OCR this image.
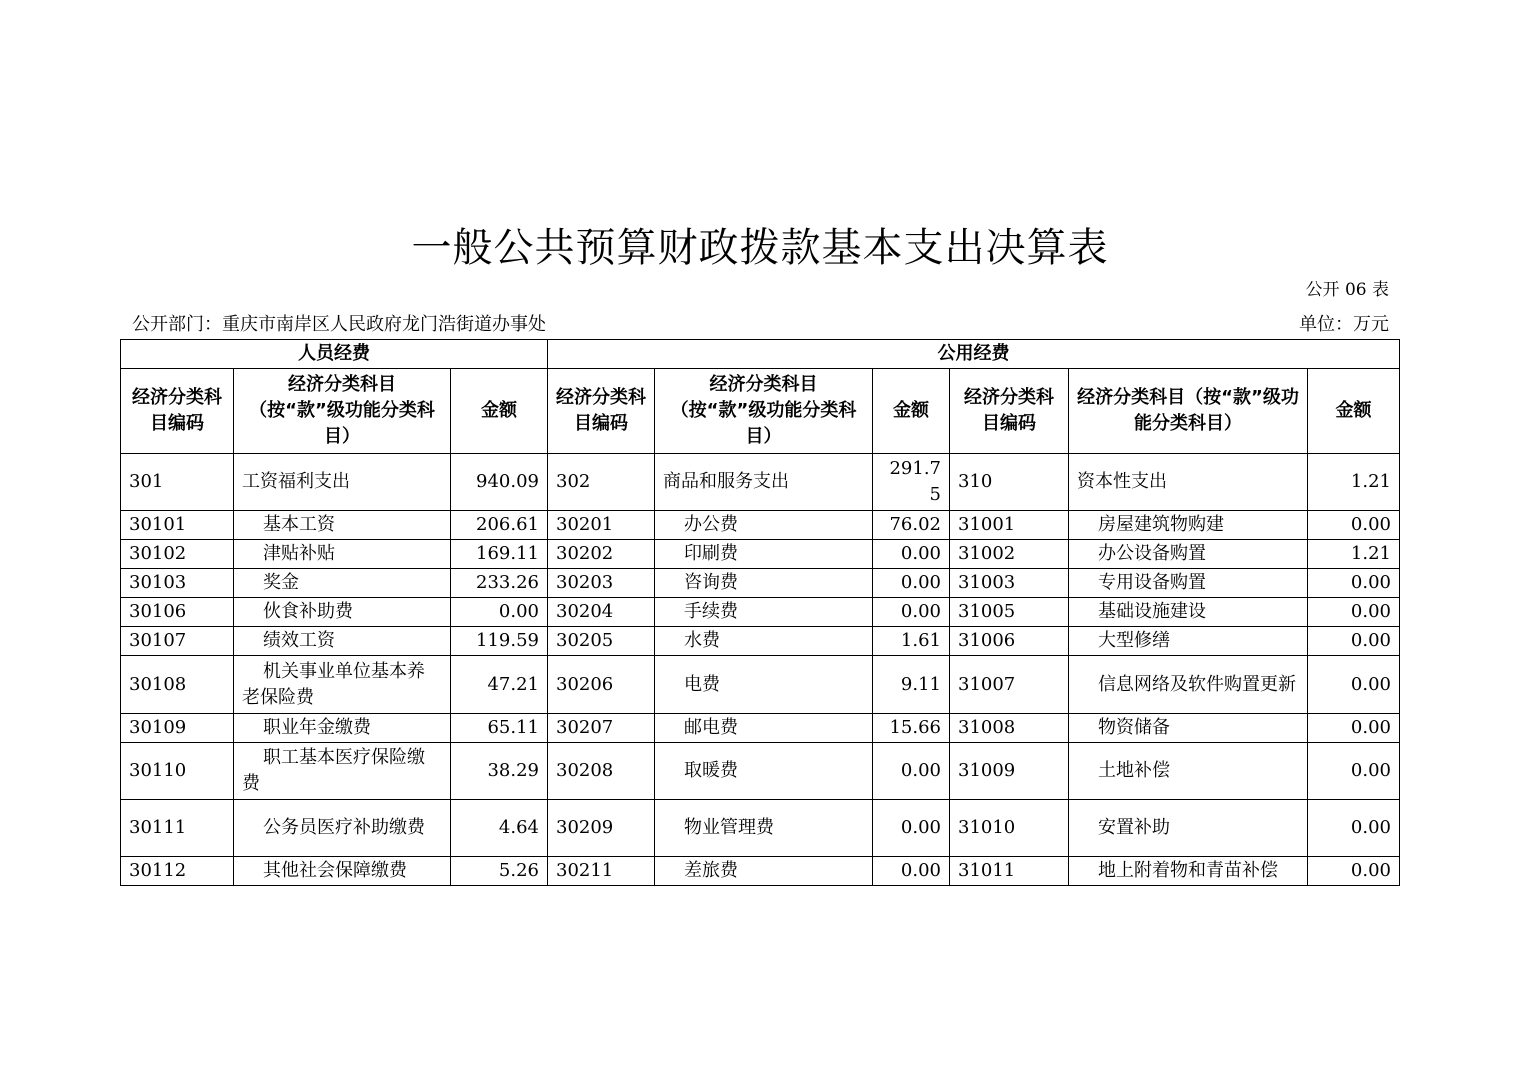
一般公共预算财政拨款基本支出决算表
公开 06 表
公开部门：重庆市南岸区人民政府龙门浩街道办事处	单位：万元
人员经费			公用经费					
经济分类科目编码	经济分类科目（按“款”级功能分类科目）	金额	经济分类科目编码	经济分类科目（按“款”级功能分类科目）	金额	经济分类科目编码	经济分类科目（按“款”级功能分类科目）	金额
301	工资福利支出	940.09	302	商品和服务支出	291.75	310	资本性支出	1.21
30101	基本工资	206.61	30201	办公费	76.02	31001	房屋建筑物购建	0.00
30102	津贴补贴	169.11	30202	印刷费	0.00	31002	办公设备购置	1.21
30103	奖金	233.26	30203	咨询费	0.00	31003	专用设备购置	0.00
30106	伙食补助费	0.00	30204	手续费	0.00	31005	基础设施建设	0.00
30107	绩效工资	119.59	30205	水费	1.61	31006	大型修缮	0.00
30108	机关事业单位基本养老保险费	47.21	30206	电费	9.11	31007	信息网络及软件购置更新	0.00
30109	职业年金缴费	65.11	30207	邮电费	15.66	31008	物资储备	0.00
30110	职工基本医疗保险缴费	38.29	30208	取暖费	0.00	31009	土地补偿	0.00
30111	公务员医疗补助缴费	4.64	30209	物业管理费	0.00	31010	安置补助	0.00
30112	其他社会保障缴费	5.26	30211	差旅费	0.00	31011	地上附着物和青苗补偿	0.00
